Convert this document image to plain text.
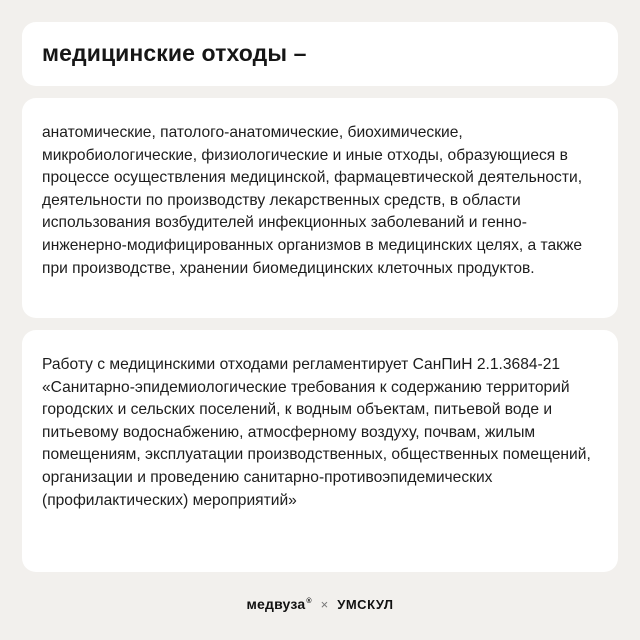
медицинские отходы –

анатомические, патолого-анатомические, биохимические, микробиологические, физиологические и иные отходы, образующиеся в процессе осуществления медицинской, фармацевтической деятельности, деятельности по производству лекарственных средств, в области использования возбудителей инфекционных заболеваний и генно-инженерно-модифицированных организмов в медицинских целях, а также при производстве, хранении биомедицинских клеточных продуктов.

Работу с медицинскими отходами регламентирует СанПиН 2.1.3684-21 «Санитарно-эпидемиологические требования к содержанию территорий городских и сельских поселений, к водным объектам, питьевой воде и питьевому водоснабжению, атмосферному воздуху, почвам, жилым помещениям, эксплуатации производственных, общественных помещений, организации и проведению санитарно-противоэпидемических (профилактических) мероприятий»

медвуза® × УМСКУЛ
